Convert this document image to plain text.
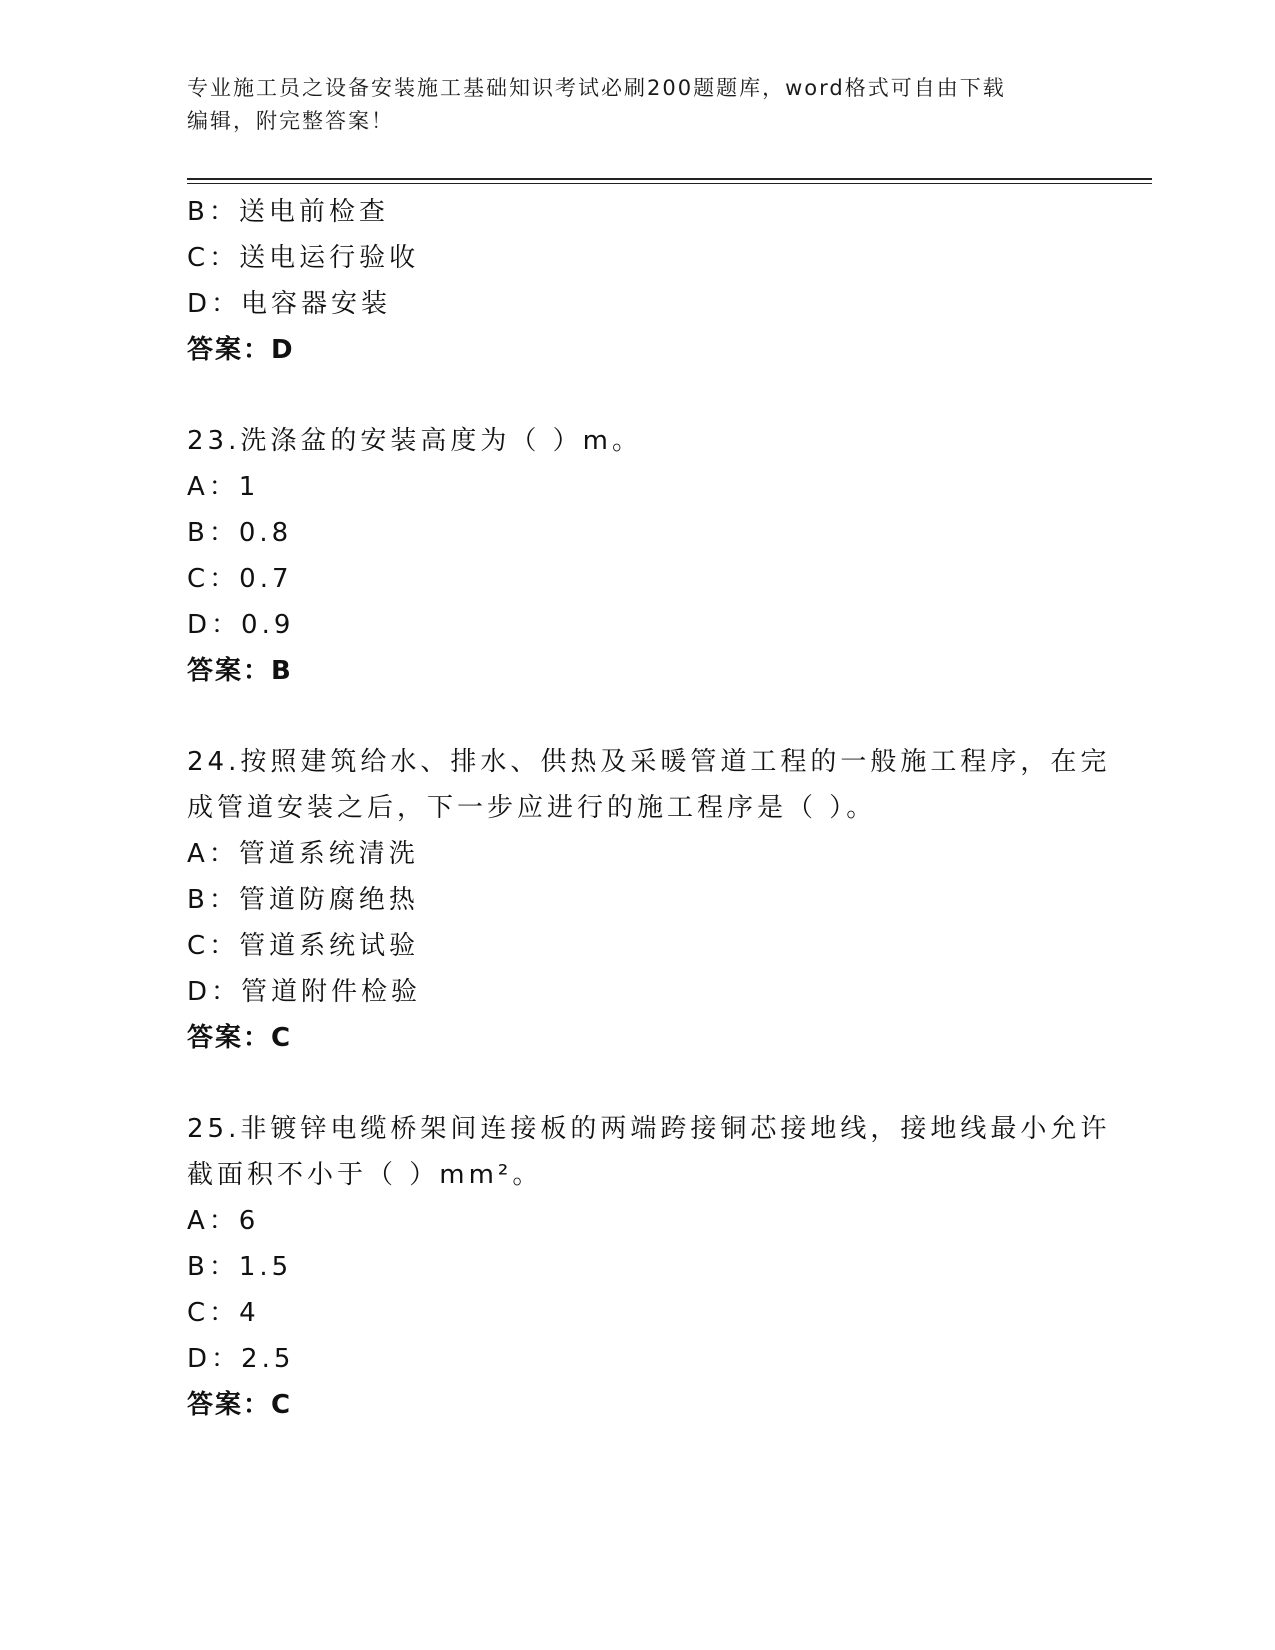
专业施工员之设备安装施工基础知识考试必刷200题题库，word格式可自由下载
编辑，附完整答案！
B：送电前检查
C：送电运行验收
D：电容器安装
答案：D
23.洗涤盆的安装高度为（ ）m。
A：1
B：0.8
C：0.7
D：0.9
答案：B
24.按照建筑给水、排水、供热及采暖管道工程的一般施工程序，在完
成管道安装之后，下一步应进行的施工程序是（ ）。
A：管道系统清洗
B：管道防腐绝热
C：管道系统试验
D：管道附件检验
答案：C
25.非镀锌电缆桥架间连接板的两端跨接铜芯接地线，接地线最小允许
截面积不小于（ ）mm²。
A：6
B：1.5
C：4
D：2.5
答案：C
